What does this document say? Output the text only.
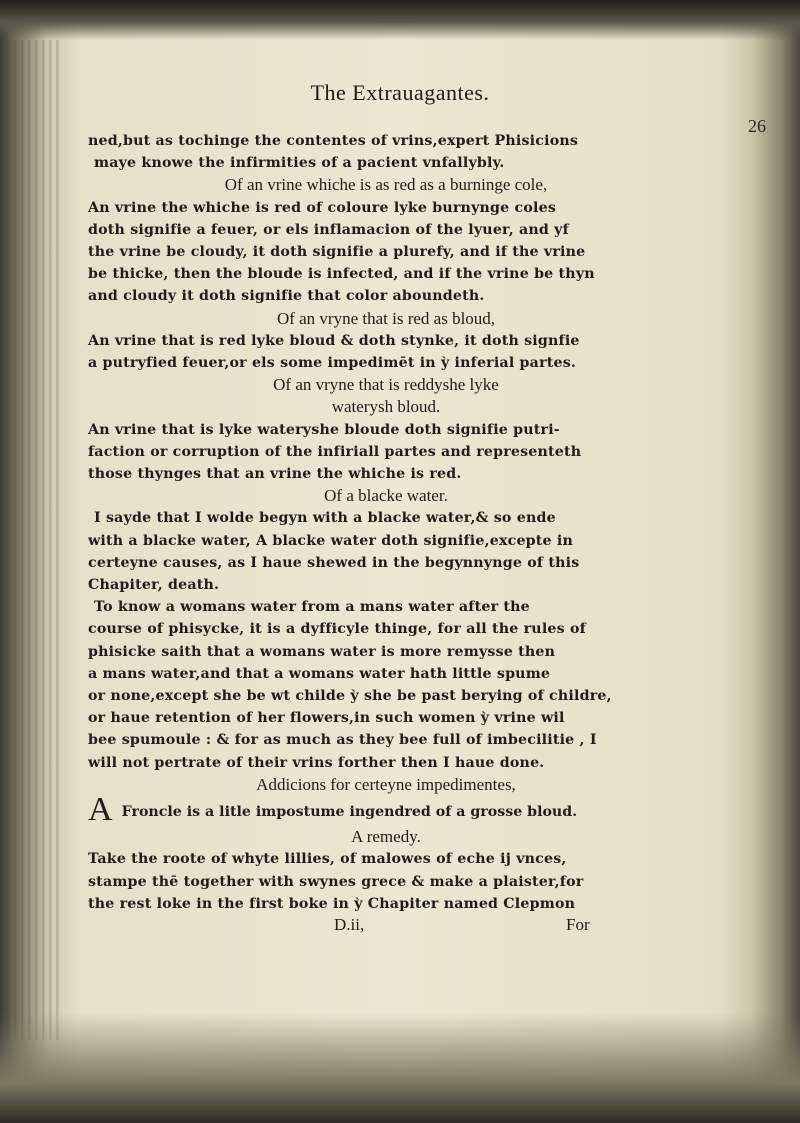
The Extrauagantes.
26
ned,but as tochinge the contentes of vrins,expert Phisicions
maye knowe the infirmities of a pacient vnfallybly.
Of an vrine whiche is as red as a burninge cole,
An vrine the whiche is red of coloure lyke burnynge coles
doth signifie a feuer, or els inflamacion of the lyuer, and yf
the vrine be cloudy, it doth signifie a plurefy, and if the vrine
be thicke, then the bloude is infected, and if the vrine be thyn
and cloudy it doth signifie that color aboundeth.
Of an vryne that is red as bloud,
An vrine that is red lyke bloud & doth stynke, it doth signfie
a putryfied feuer,or els some impedimēt in ỳ inferial partes.
Of an vryne that is reddyshe lyke
waterysh bloud.
An vrine that is lyke wateryshe bloude doth signifie putri-
faction or corruption of the infiriall partes and representeth
those thynges that an vrine the whiche is red.
Of a blacke water.
I sayde that I wolde begyn with a blacke water,& so ende
with a blacke water, A blacke water doth signifie,excepte in
certeyne causes, as I haue shewed in the begynnynge of this
Chapiter, death.
To know a womans water from a mans water after the
course of phisycke, it is a dyfficyle thinge, for all the rules of
phisicke saith that a womans water is more remysse then
a mans water,and that a womans water hath little spume
or none,except she be wt childe ỳ she be past berying of childre,
or haue retention of her flowers,in such women ỳ vrine wil
bee spumoule : & for as much as they bee full of imbecilitie , I
will not pertrate of their vrins forther then I haue done.
Addicions for certeyne impedimentes,
A Froncle is a litle impostume ingendred of a grosse bloud.
A remedy.
Take the roote of whyte lillies, of malowes of eche ij vnces,
stampe thē together with swynes grece & make a plaister,for
the rest loke in the first boke in ỳ Chapiter named Clepmon
D.ii,	For
